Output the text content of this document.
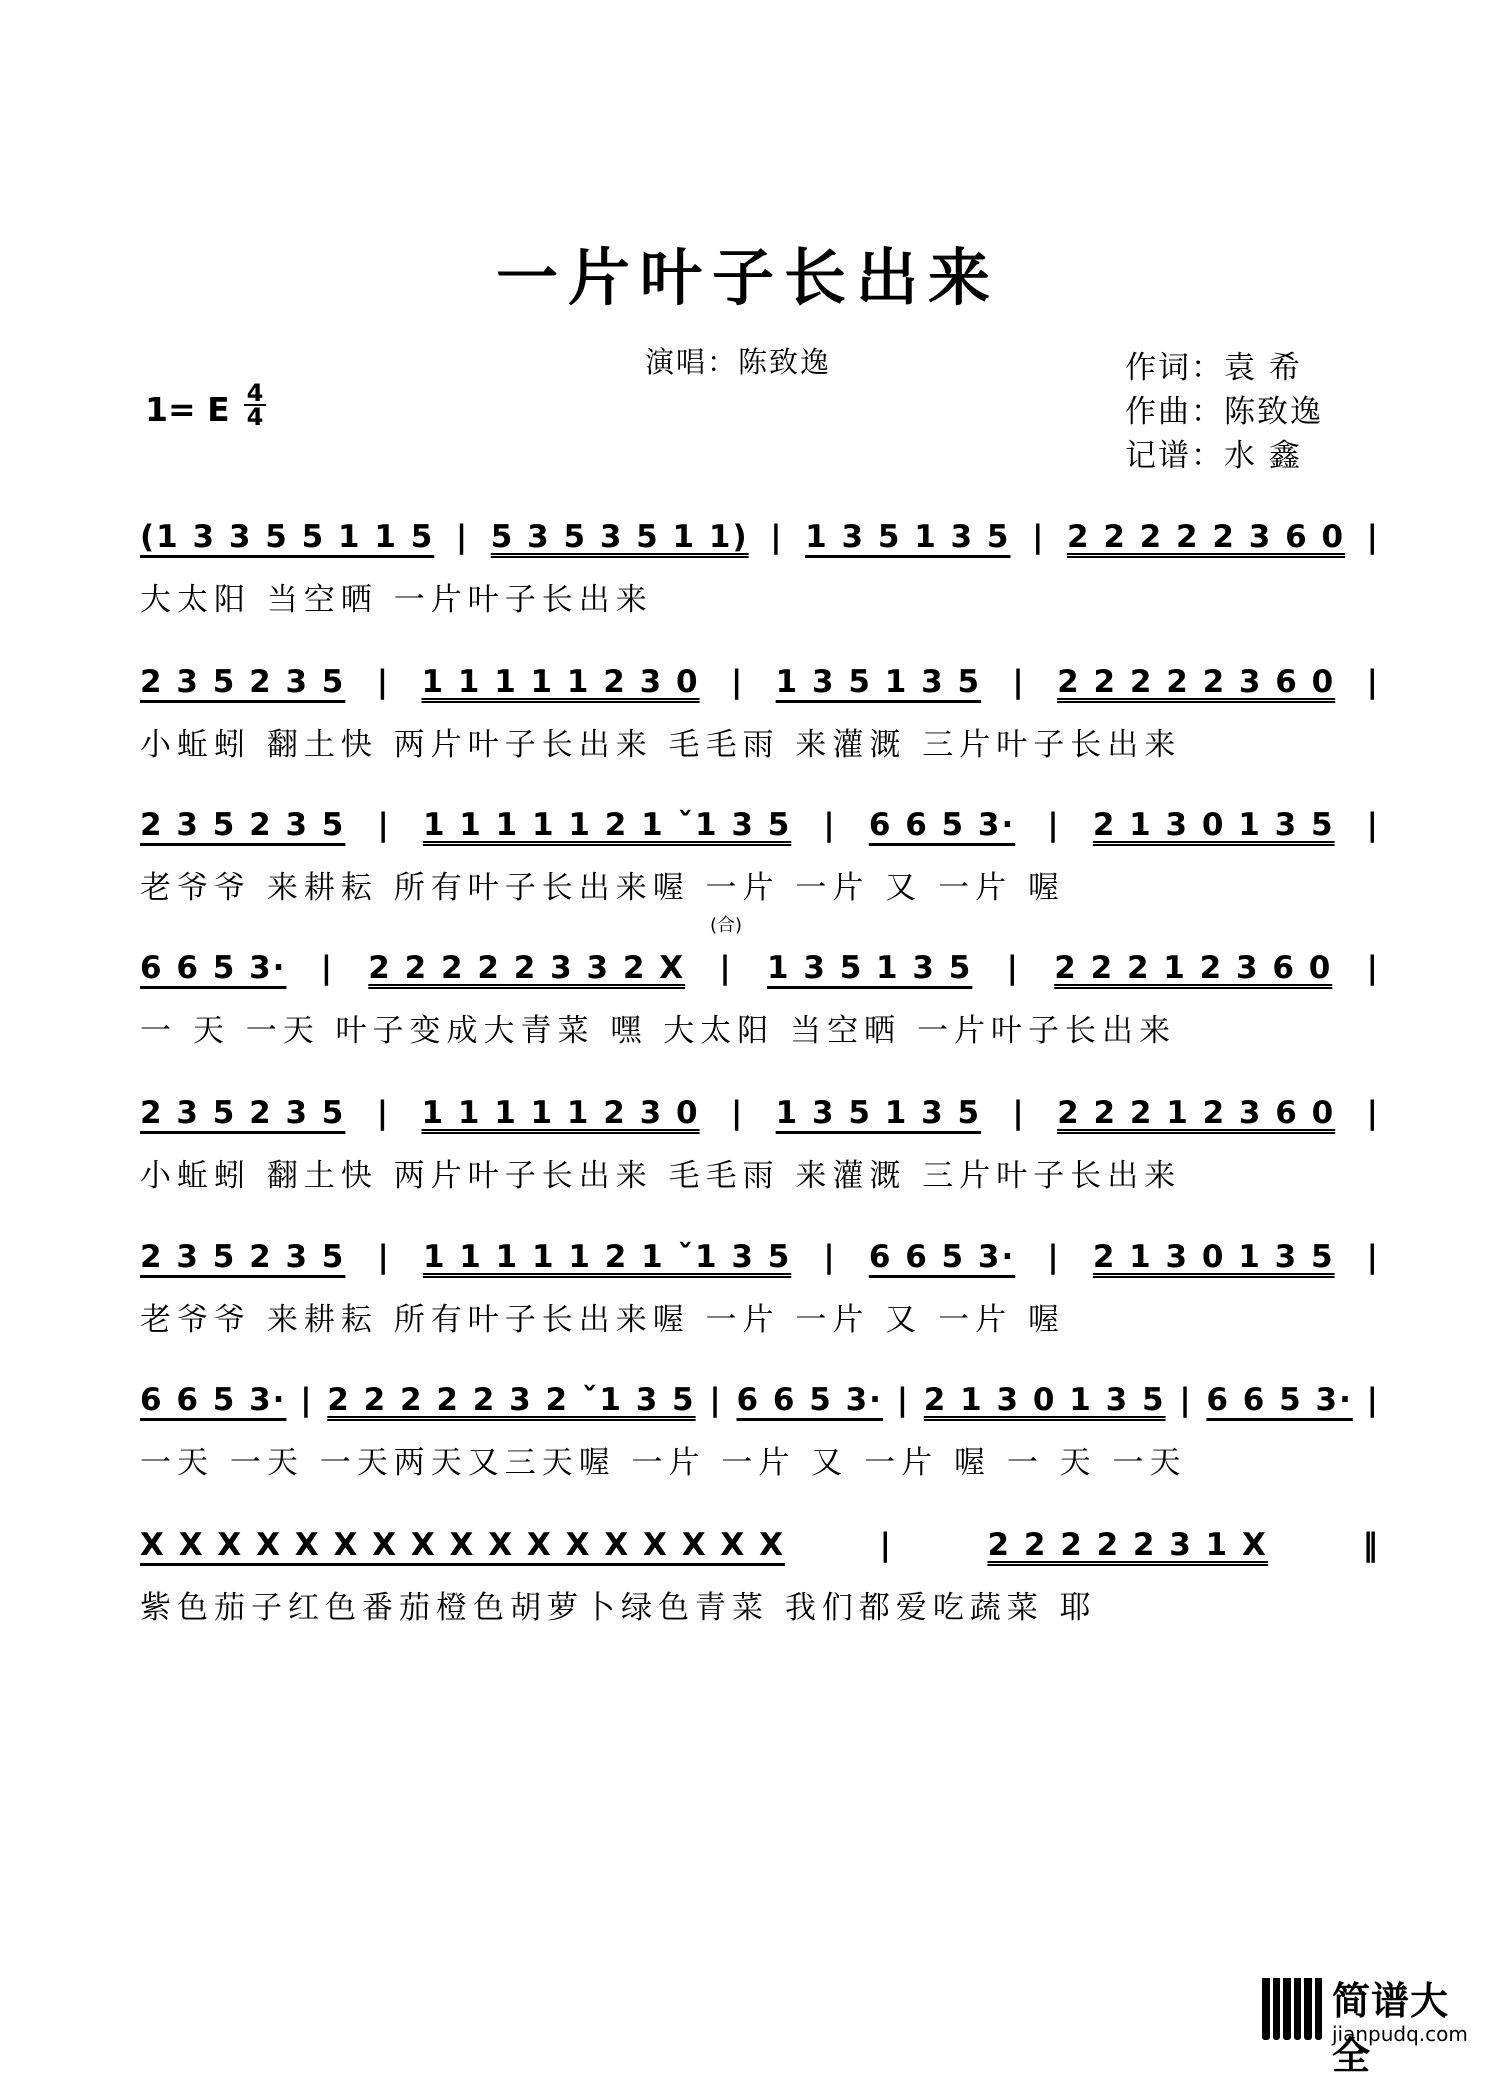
一片叶子长出来
演唱：陈致逸	作词：袁 希
作曲：陈致逸
记谱：水 鑫
1= E 4
4
(1 3 3 5 5 1 1 5 | 5 3 5 3 5 1 1) | 1 3 5 1 3 5 | 2 2 2 2 2 3 6 0 |
大太阳 当空晒 一片叶子长出来
2 3 5 2 3 5 | 1 1 1 1 1 2 3 0 | 1 3 5 1 3 5 | 2 2 2 2 2 3 6 0 |
小蚯蚓 翻土快 两片叶子长出来 毛毛雨 来灌溉 三片叶子长出来
2 3 5 2 3 5 | 1 1 1 1 1 2 1 ˇ1 3 5 | 6 6 5 3· | 2 1 3 0 1 3 5 |
老爷爷 来耕耘 所有叶子长出来喔 一片 一片 又 一片 喔
6 6 5 3· | 2 2 2 2 2 3 3 2 X | 1 3 5 1 3 5 | 2 2 2 1 2 3 6 0 |
(合)
一 天 一天 叶子变成大青菜 嘿 大太阳 当空晒 一片叶子长出来
2 3 5 2 3 5 | 1 1 1 1 1 2 3 0 | 1 3 5 1 3 5 | 2 2 2 1 2 3 6 0 |
小蚯蚓 翻土快 两片叶子长出来 毛毛雨 来灌溉 三片叶子长出来
2 3 5 2 3 5 | 1 1 1 1 1 2 1 ˇ1 3 5 | 6 6 5 3· | 2 1 3 0 1 3 5 |
老爷爷 来耕耘 所有叶子长出来喔 一片 一片 又 一片 喔
6 6 5 3· | 2 2 2 2 2 3 2 ˇ1 3 5 | 6 6 5 3· | 2 1 3 0 1 3 5 | 6 6 5 3· |
一天 一天 一天两天又三天喔 一片 一片 又 一片 喔 一 天 一天
X X X X X X X X X X X X X X X X X	|	2 2 2 2 2 3 1 X	‖
紫色茄子红色番茄橙色胡萝卜绿色青菜 我们都爱吃蔬菜 耶
简谱大全
jianpudq.com
